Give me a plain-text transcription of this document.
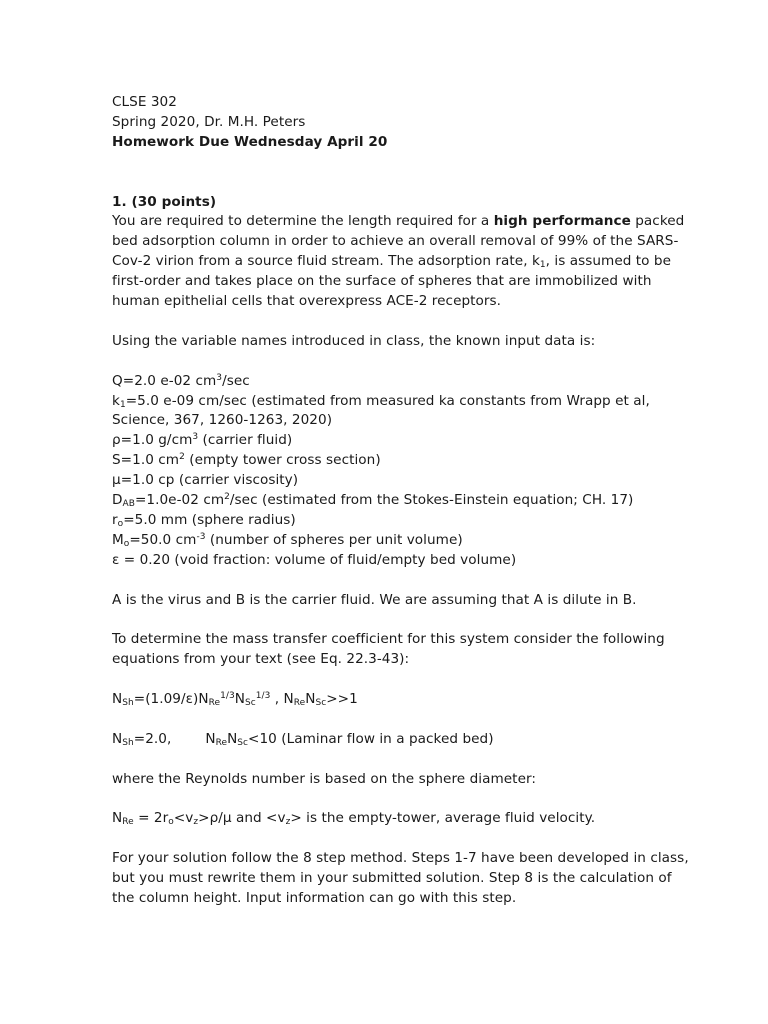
CLSE 302
Spring 2020, Dr. M.H. Peters
Homework Due Wednesday April 20
1. (30 points)
You are required to determine the length required for a high performance packed
bed adsorption column in order to achieve an overall removal of 99% of the SARS-
Cov-2 virion from a source fluid stream. The adsorption rate, $k_1$, is assumed to be
first-order and takes place on the surface of spheres that are immobilized with
human epithelial cells that overexpress ACE-2 receptors.
Using the variable names introduced in class, the known input data is:
Q=2.0 e-02 $cm^3/\sec$
$k_1=5.0$ e-09 cm/sec (estimated from measured ka constants from Wrapp et al,
Science, 367, 1260-1263, 2020)
ρ=1.0 $g/cm^3$ (carrier fluid)
S=1.0 $cm^2$ (empty tower cross section)
μ=1.0 cp (carrier viscosity)
$D_{AB}=1.0e-02$ $cm^2/\sec$ (estimated from the Stokes-Einstein equation; CH. 17)
$r_o=5.0$ mm (sphere radius)
$M_o=50.0$ $cm^{-3}$ (number of spheres per unit volume)
ε = 0.20 (void fraction: volume of fluid/empty bed volume)
A is the virus and B is the carrier fluid. We are assuming that A is dilute in B.
To determine the mass transfer coefficient for this system consider the following
equations from your text (see Eq. 22.3-43):
$N_{Sh}=(1.09/\varepsilon)N_{Re}^{1/3}N_{Sc}^{1/3}$ , $N_{Re}N_{Sc}>>1$
$N_{Sh}=2.0$,	$N_{Re}N_{Sc}<10$ (Laminar flow in a packed bed)
where the Reynolds number is based on the sphere diameter:
$N_{Re} = 2r_o<v_z>\rho/\mu$ and $<v_z>$ is the empty-tower, average fluid velocity.
For your solution follow the 8 step method. Steps 1-7 have been developed in class,
but you must rewrite them in your submitted solution. Step 8 is the calculation of
the column height. Input information can go with this step.
